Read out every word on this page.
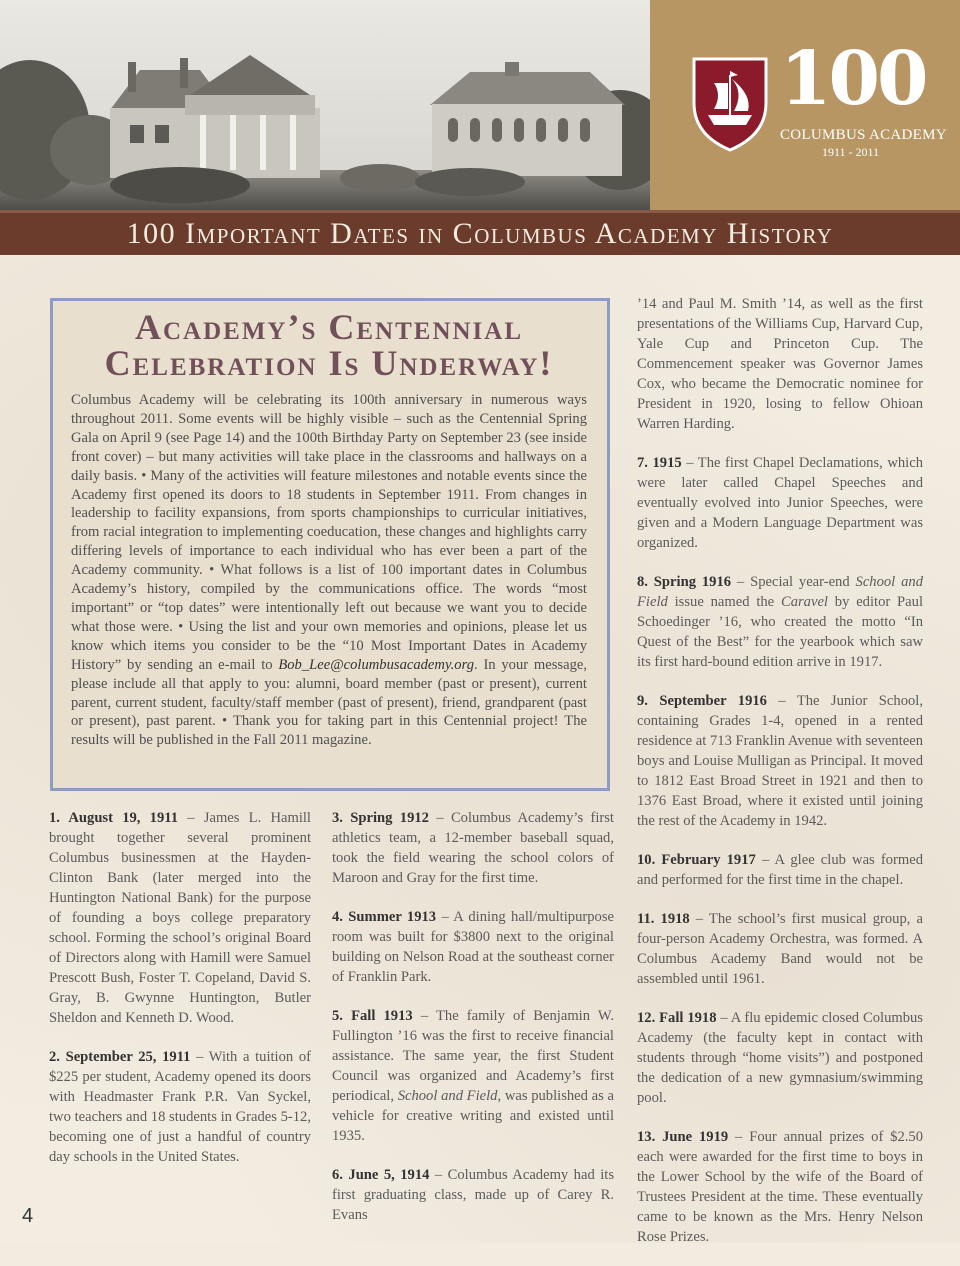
100
COLUMBUS ACADEMY
1911 - 2011
100 Important Dates in Columbus Academy History
Academy’s Centennial Celebration Is Underway!

Columbus Academy will be celebrating its 100th anniversary in numerous ways throughout 2011. Some events will be highly visible – such as the Centennial Spring Gala on April 9 (see Page 14) and the 100th Birthday Party on September 23 (see inside front cover) – but many activities will take place in the classrooms and hallways on a daily basis. • Many of the activities will feature milestones and notable events since the Academy first opened its doors to 18 students in September 1911. From changes in leadership to facility expansions, from sports championships to curricular initiatives, from racial integration to implementing coeducation, these changes and highlights carry differing levels of importance to each individual who has ever been a part of the Academy community. • What follows is a list of 100 important dates in Columbus Academy’s history, compiled by the communications office. The words “most important” or “top dates” were intentionally left out because we want you to decide what those were. • Using the list and your own memories and opinions, please let us know which items you consider to be the “10 Most Important Dates in Academy History” by sending an e-mail to Bob_Lee@columbusacademy.org. In your message, please include all that apply to you: alumni, board member (past or present), current parent, current student, faculty/staff member (past of present), friend, grandparent (past or present), past parent. • Thank you for taking part in this Centennial project! The results will be published in the Fall 2011 magazine.

1. August 19, 1911 – James L. Hamill brought together several prominent Columbus businessmen at the Hayden-Clinton Bank (later merged into the Huntington National Bank) for the purpose of founding a boys college preparatory school. Forming the school’s original Board of Directors along with Hamill were Samuel Prescott Bush, Foster T. Copeland, David S. Gray, B. Gwynne Huntington, Butler Sheldon and Kenneth D. Wood.

2. September 25, 1911 – With a tuition of $225 per student, Academy opened its doors with Headmaster Frank P.R. Van Syckel, two teachers and 18 students in Grades 5-12, becoming one of just a handful of country day schools in the United States.

3. Spring 1912 – Columbus Academy’s first athletics team, a 12-member baseball squad, took the field wearing the school colors of Maroon and Gray for the first time.

4. Summer 1913 – A dining hall/multipurpose room was built for $3800 next to the original building on Nelson Road at the southeast corner of Franklin Park.

5. Fall 1913 – The family of Benjamin W. Fullington ’16 was the first to receive financial assistance. The same year, the first Student Council was organized and Academy’s first periodical, School and Field, was published as a vehicle for creative writing and existed until 1935.

6. June 5, 1914 – Columbus Academy had its first graduating class, made up of Carey R. Evans

’14 and Paul M. Smith ’14, as well as the first presentations of the Williams Cup, Harvard Cup, Yale Cup and Princeton Cup. The Commencement speaker was Governor James Cox, who became the Democratic nominee for President in 1920, losing to fellow Ohioan Warren Harding.

7. 1915 – The first Chapel Declamations, which were later called Chapel Speeches and eventually evolved into Junior Speeches, were given and a Modern Language Department was organized.

8. Spring 1916 – Special year-end School and Field issue named the Caravel by editor Paul Schoedinger ’16, who created the motto “In Quest of the Best” for the yearbook which saw its first hard-bound edition arrive in 1917.

9. September 1916 – The Junior School, containing Grades 1-4, opened in a rented residence at 713 Franklin Avenue with seventeen boys and Louise Mulligan as Principal. It moved to 1812 East Broad Street in 1921 and then to 1376 East Broad, where it existed until joining the rest of the Academy in 1942.

10. February 1917 – A glee club was formed and performed for the first time in the chapel.

11. 1918 – The school’s first musical group, a four-person Academy Orchestra, was formed. A Columbus Academy Band would not be assembled until 1961.

12. Fall 1918 – A flu epidemic closed Columbus Academy (the faculty kept in contact with students through “home visits”) and postponed the dedication of a new gymnasium/swimming pool.

13. June 1919 – Four annual prizes of $2.50 each were awarded for the first time to boys in the Lower School by the wife of the Board of Trustees President at the time. These eventually came to be known as the Mrs. Henry Nelson Rose Prizes.

4
